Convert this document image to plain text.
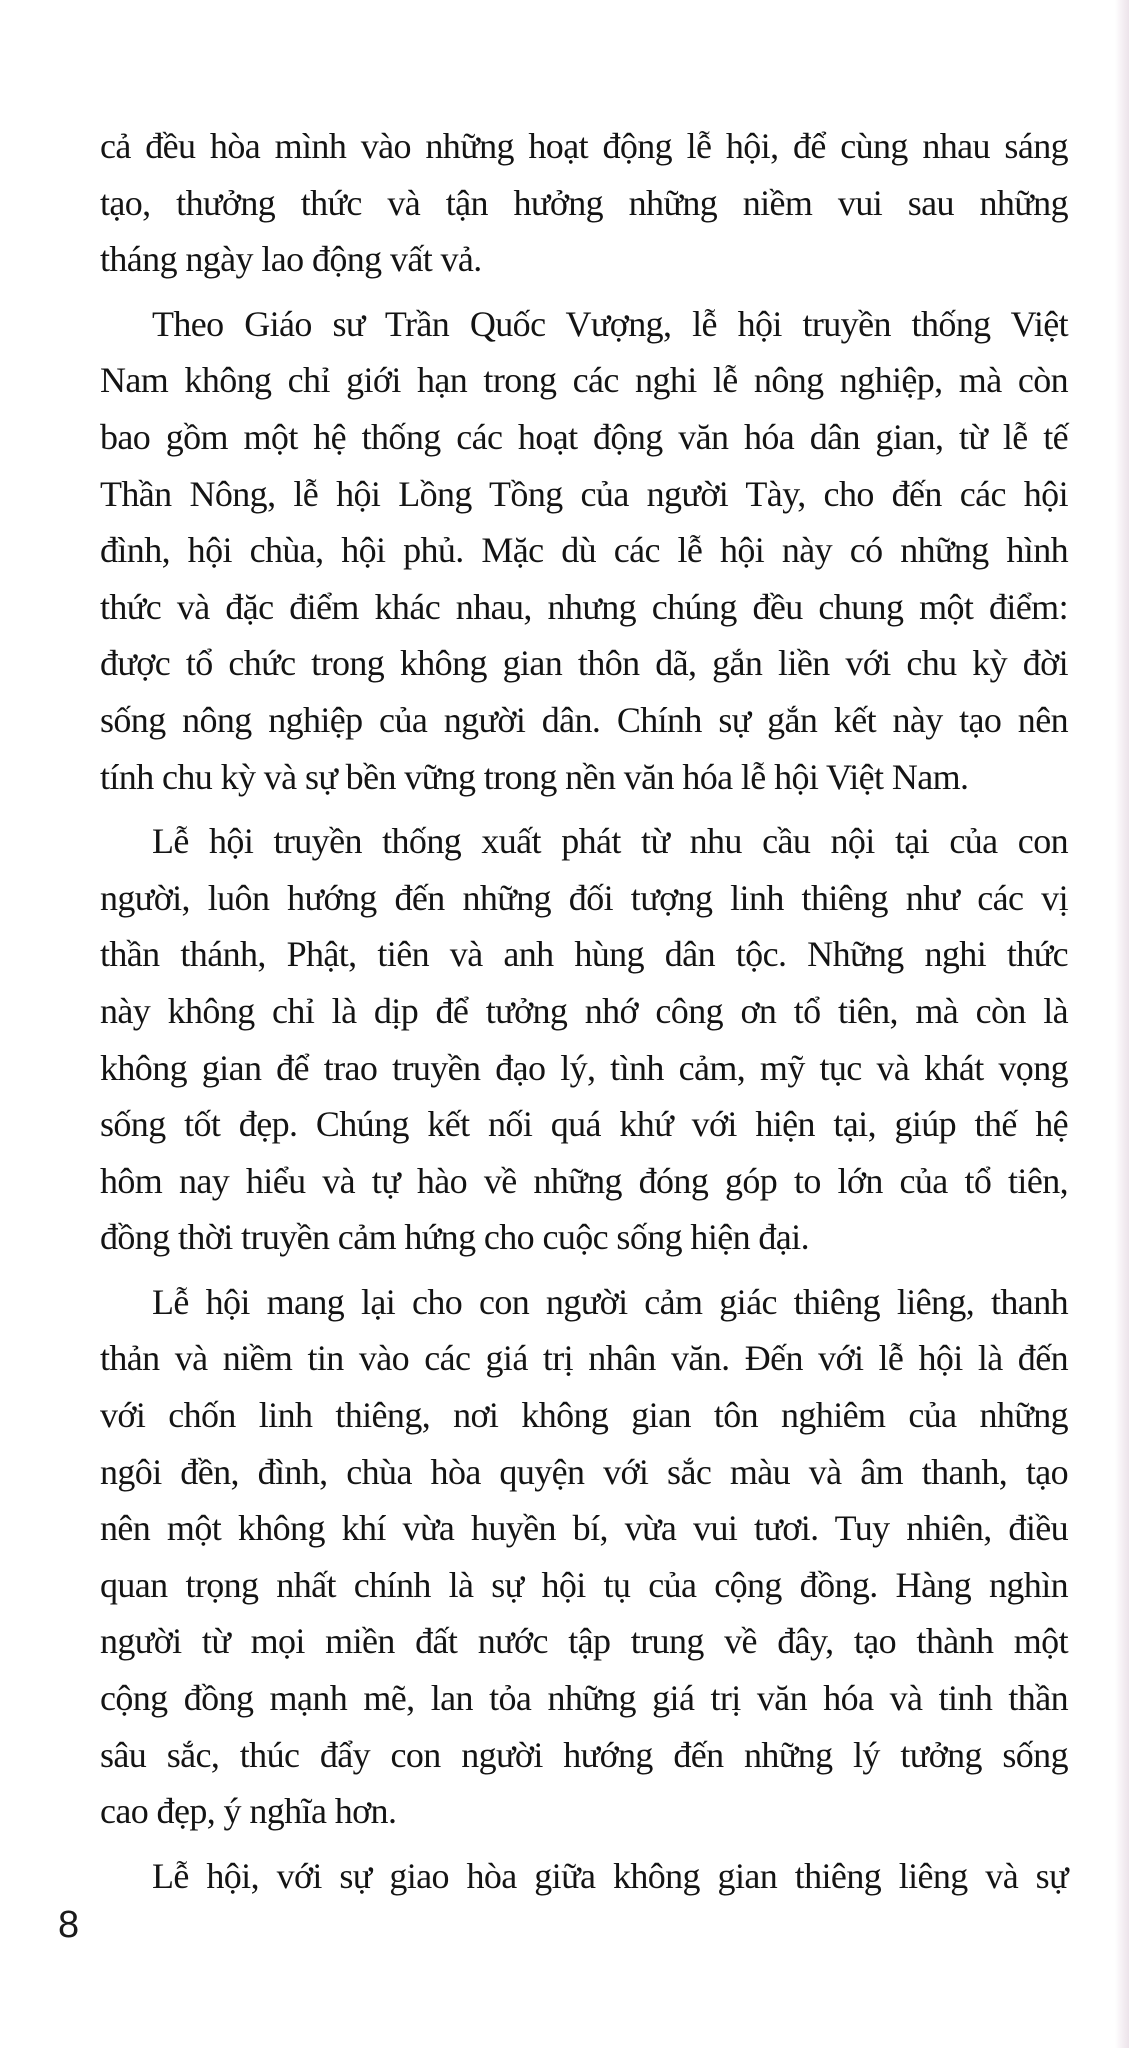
cả đều hòa mình vào những hoạt động lễ hội, để cùng nhau sáng
tạo, thưởng thức và tận hưởng những niềm vui sau những
tháng ngày lao động vất vả.
Theo Giáo sư Trần Quốc Vượng, lễ hội truyền thống Việt
Nam không chỉ giới hạn trong các nghi lễ nông nghiệp, mà còn
bao gồm một hệ thống các hoạt động văn hóa dân gian, từ lễ tế
Thần Nông, lễ hội Lồng Tồng của người Tày, cho đến các hội
đình, hội chùa, hội phủ. Mặc dù các lễ hội này có những hình
thức và đặc điểm khác nhau, nhưng chúng đều chung một điểm:
được tổ chức trong không gian thôn dã, gắn liền với chu kỳ đời
sống nông nghiệp của người dân. Chính sự gắn kết này tạo nên
tính chu kỳ và sự bền vững trong nền văn hóa lễ hội Việt Nam.
Lễ hội truyền thống xuất phát từ nhu cầu nội tại của con
người, luôn hướng đến những đối tượng linh thiêng như các vị
thần thánh, Phật, tiên và anh hùng dân tộc. Những nghi thức
này không chỉ là dịp để tưởng nhớ công ơn tổ tiên, mà còn là
không gian để trao truyền đạo lý, tình cảm, mỹ tục và khát vọng
sống tốt đẹp. Chúng kết nối quá khứ với hiện tại, giúp thế hệ
hôm nay hiểu và tự hào về những đóng góp to lớn của tổ tiên,
đồng thời truyền cảm hứng cho cuộc sống hiện đại.
Lễ hội mang lại cho con người cảm giác thiêng liêng, thanh
thản và niềm tin vào các giá trị nhân văn. Đến với lễ hội là đến
với chốn linh thiêng, nơi không gian tôn nghiêm của những
ngôi đền, đình, chùa hòa quyện với sắc màu và âm thanh, tạo
nên một không khí vừa huyền bí, vừa vui tươi. Tuy nhiên, điều
quan trọng nhất chính là sự hội tụ của cộng đồng. Hàng nghìn
người từ mọi miền đất nước tập trung về đây, tạo thành một
cộng đồng mạnh mẽ, lan tỏa những giá trị văn hóa và tinh thần
sâu sắc, thúc đẩy con người hướng đến những lý tưởng sống
cao đẹp, ý nghĩa hơn.
Lễ hội, với sự giao hòa giữa không gian thiêng liêng và sự
8
